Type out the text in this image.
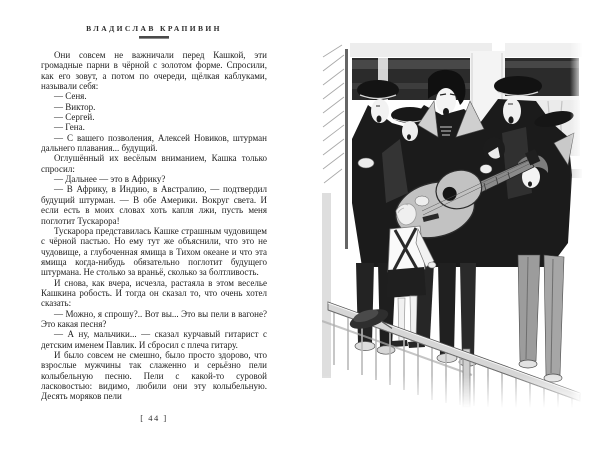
ВЛАДИСЛАВ КРАПИВИН

Они совсем не важничали перед Кашкой, эти громадные парни в чёрной с золотом форме. Спросили, как его зовут, а потом по очереди, щёлкая каблуками, называли себя:

— Сеня.

— Виктор.

— Сергей.

— Гена.

— С вашего позволения, Алексей Новиков, штурман дальнего плавания... будущий.

Оглушённый их весёлым вниманием, Кашка только спросил:

— Дальнее — это в Африку?

— В Африку, в Индию, в Австралию, — подтвердил будущий штурман. — В обе Америки. Вокруг света. И если есть в моих словах хоть капля лжи, пусть меня поглотит Тускарора!

Тускарора представилась Кашке страшным чудовищем с чёрной пастью. Но ему тут же объяснили, что это не чудовище, а глубоченная ямища в Тихом океане и что эта ямища когда-нибудь обязательно поглотит будущего штурмана. Не столько за враньё, сколько за болтливость.

И снова, как вчера, исчезла, растаяла в этом веселье Кашкина робость. И тогда он сказал то, что очень хотел сказать:

— Можно, я спрошу?.. Вот вы... Это вы пели в вагоне? Это какая песня?

— А ну, мальчики... — сказал курчавый гитарист с детским именем Павлик. И сбросил с плеча гитару.

И было совсем не смешно, было просто здорово, что взрослые мужчины так слаженно и серьёзно пели колыбельную песню. Пели с какой-то суровой ласковостью: видимо, любили они эту колыбельную. Десять моряков пели

[ 44 ]
